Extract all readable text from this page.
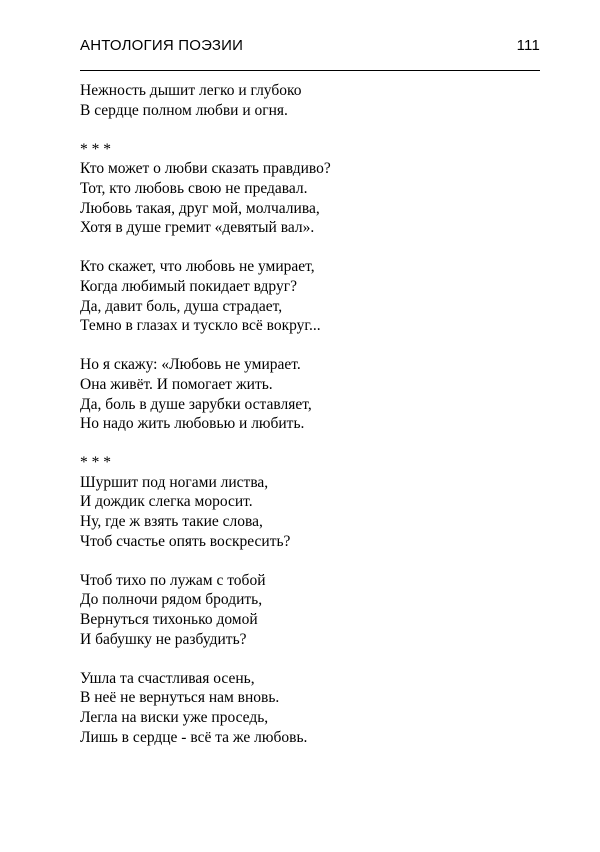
АНТОЛОГИЯ ПОЭЗИИ	111
Нежность дышит легко и глубоко
В сердце полном любви и огня.
* * *
Кто может о любви сказать правдиво?
Тот, кто любовь свою не предавал.
Любовь такая, друг мой, молчалива,
Хотя в душе гремит «девятый вал».
Кто скажет, что любовь не умирает,
Когда любимый покидает вдруг?
Да, давит боль, душа страдает,
Темно в глазах и тускло всё вокруг...
Но я скажу: «Любовь не умирает.
Она живёт. И помогает жить.
Да, боль в душе зарубки оставляет,
Но надо жить любовью и любить.
* * *
Шуршит под ногами листва,
И дождик слегка моросит.
Ну, где ж взять такие слова,
Чтоб счастье опять воскресить?
Чтоб тихо по лужам с тобой
До полночи рядом бродить,
Вернуться тихонько домой
И бабушку не разбудить?
Ушла та счастливая осень,
В неё не вернуться нам вновь.
Легла на виски уже проседь,
Лишь в сердце - всё та же любовь.
